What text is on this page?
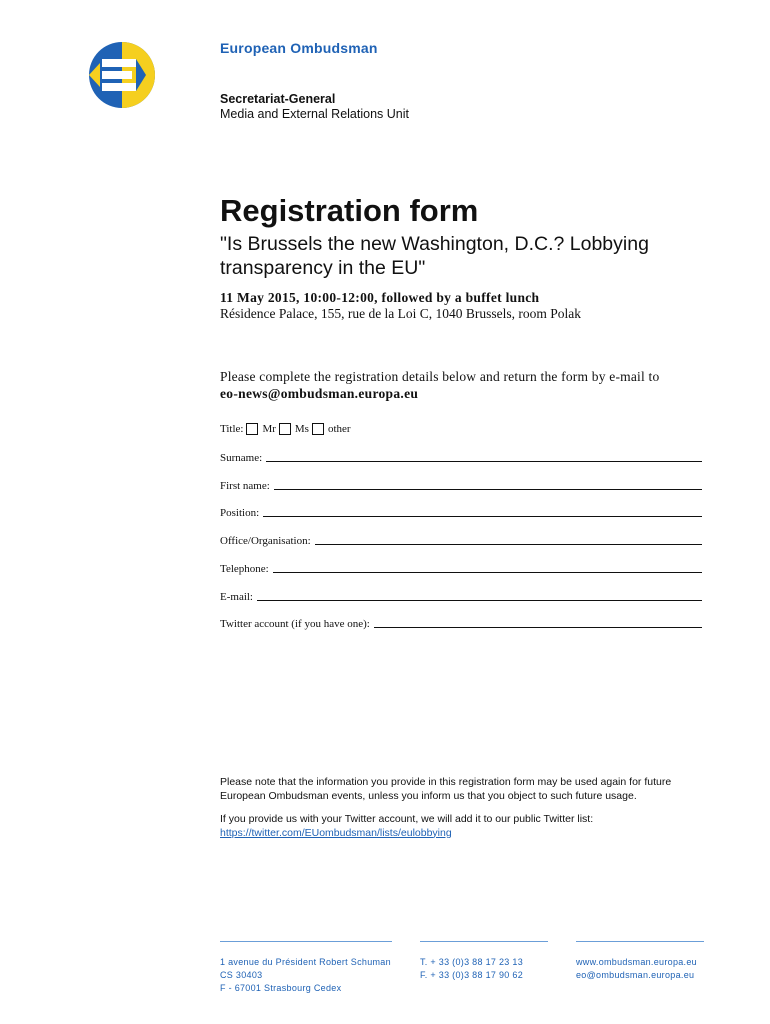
European Ombudsman
Secretariat-General
Media and External Relations Unit
Registration form
"Is Brussels the new Washington, D.C.? Lobbying transparency in the EU"
11 May 2015, 10:00-12:00, followed by a buffet lunch
Résidence Palace, 155, rue de la Loi C, 1040 Brussels, room Polak
Please complete the registration details below and return the form by e-mail to
eo-news@ombudsman.europa.eu
Title: Mr Ms other
Surname:
First name:
Position:
Office/Organisation:
Telephone:
E-mail:
Twitter account (if you have one):
Please note that the information you provide in this registration form may be used again for future
European Ombudsman events, unless you inform us that you object to such future usage.
If you provide us with your Twitter account, we will add it to our public Twitter list:
https://twitter.com/EUombudsman/lists/eulobbying
1 avenue du Président Robert Schuman
CS 30403
F - 67001 Strasbourg Cedex
T. + 33 (0)3 88 17 23 13
F. + 33 (0)3 88 17 90 62
www.ombudsman.europa.eu
eo@ombudsman.europa.eu
